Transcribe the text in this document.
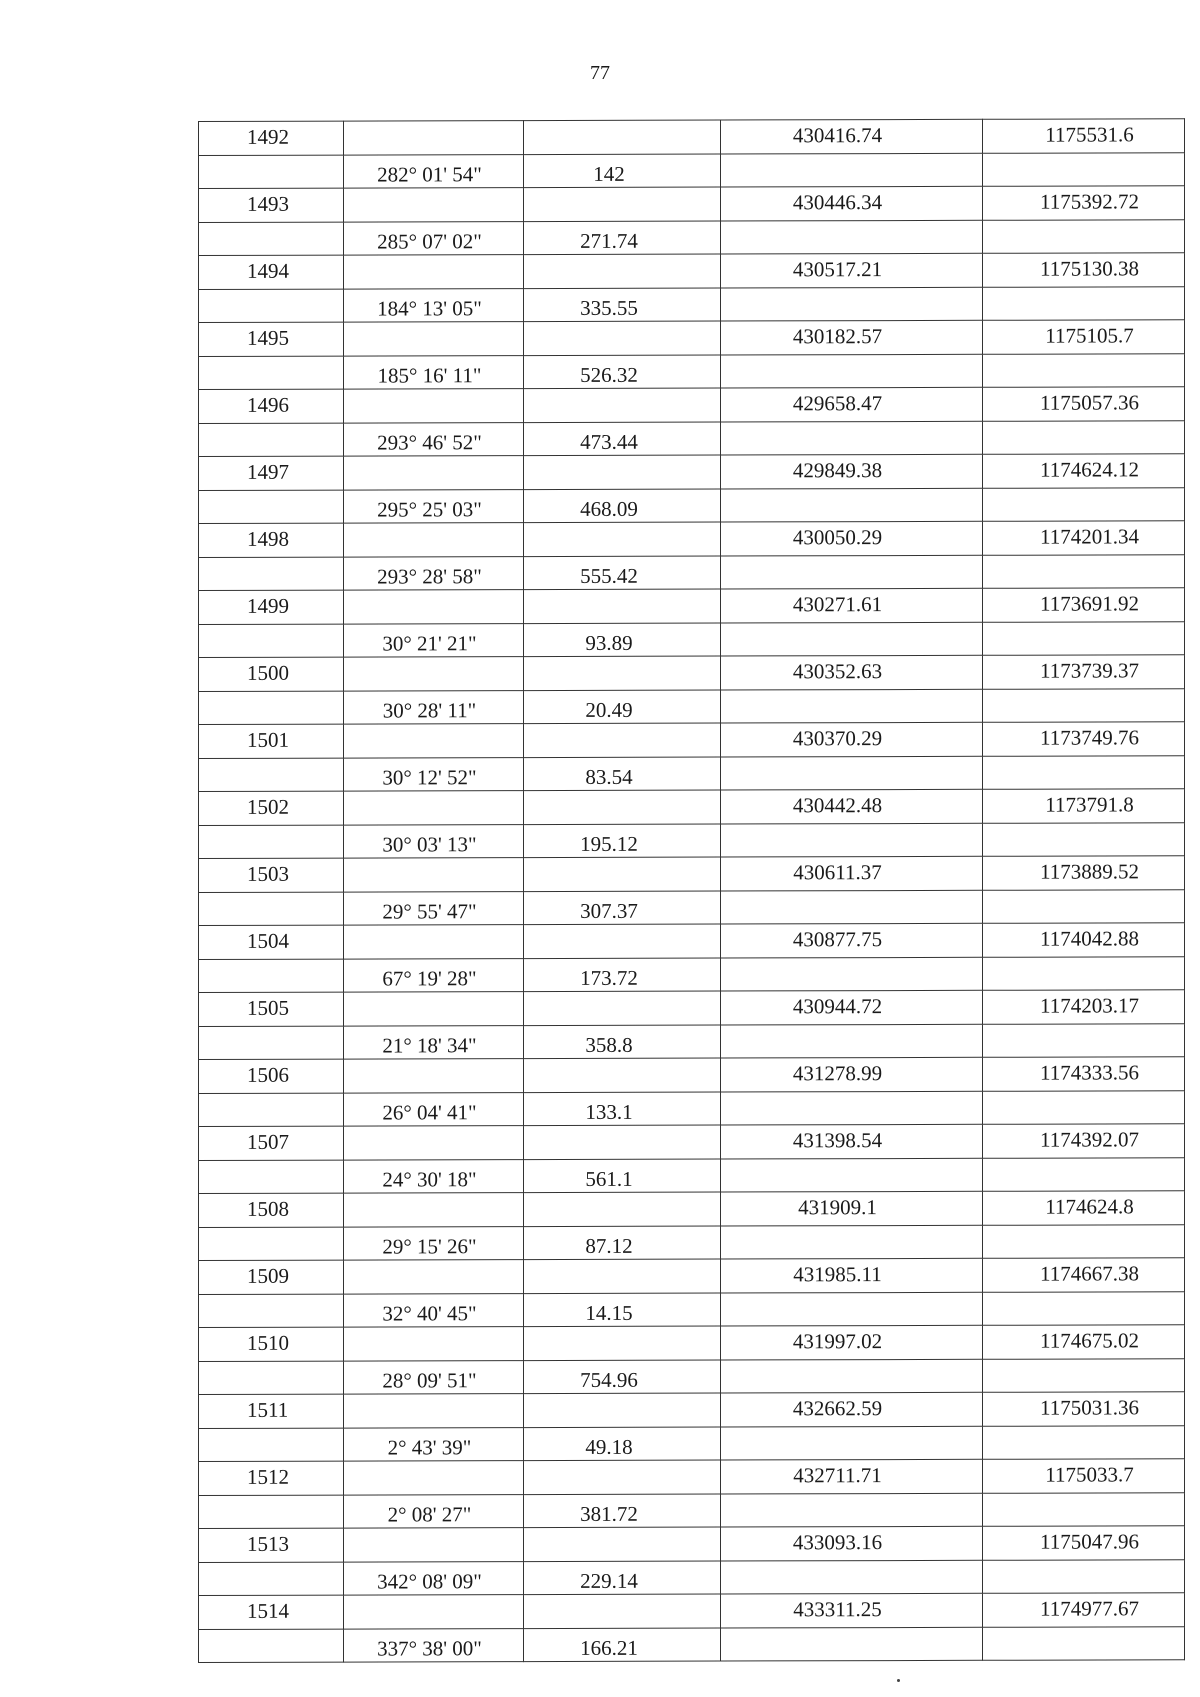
77
1492			430416.74	1175531.6
	282° 01' 54"	142		
1493			430446.34	1175392.72
	285° 07' 02"	271.74		
1494			430517.21	1175130.38
	184° 13' 05"	335.55		
1495			430182.57	1175105.7
	185° 16' 11"	526.32		
1496			429658.47	1175057.36
	293° 46' 52"	473.44		
1497			429849.38	1174624.12
	295° 25' 03"	468.09		
1498			430050.29	1174201.34
	293° 28' 58"	555.42		
1499			430271.61	1173691.92
	30° 21' 21"	93.89		
1500			430352.63	1173739.37
	30° 28' 11"	20.49		
1501			430370.29	1173749.76
	30° 12' 52"	83.54		
1502			430442.48	1173791.8
	30° 03' 13"	195.12		
1503			430611.37	1173889.52
	29° 55' 47"	307.37		
1504			430877.75	1174042.88
	67° 19' 28"	173.72		
1505			430944.72	1174203.17
	21° 18' 34"	358.8		
1506			431278.99	1174333.56
	26° 04' 41"	133.1		
1507			431398.54	1174392.07
	24° 30' 18"	561.1		
1508			431909.1	1174624.8
	29° 15' 26"	87.12		
1509			431985.11	1174667.38
	32° 40' 45"	14.15		
1510			431997.02	1174675.02
	28° 09' 51"	754.96		
1511			432662.59	1175031.36
	2° 43' 39"	49.18		
1512			432711.71	1175033.7
	2° 08' 27"	381.72		
1513			433093.16	1175047.96
	342° 08' 09"	229.14		
1514			433311.25	1174977.67
	337° 38' 00"	166.21		
